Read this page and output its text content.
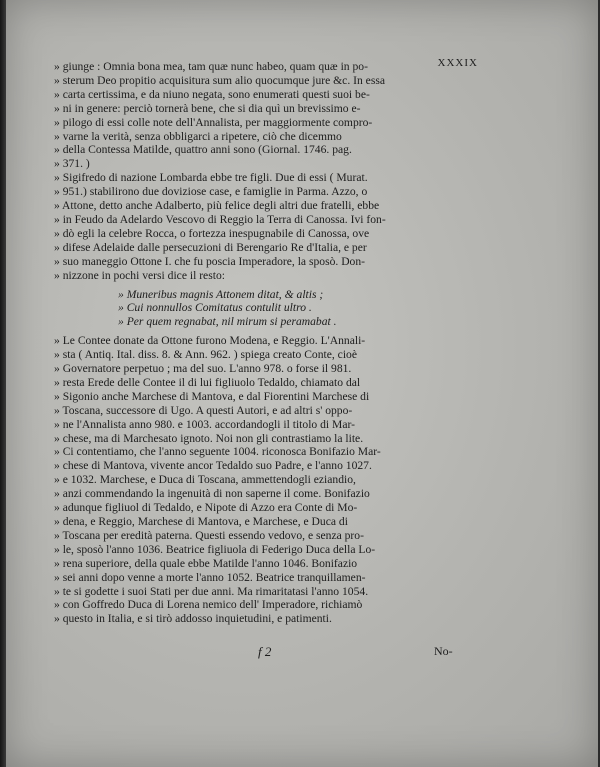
XXXIX
» giunge : Omnia bona mea, tam quæ nunc habeo, quam quæ in po-
» sterum Deo propitio acquisitura sum alio quocumque jure &c. In essa
» carta certissima, e da niuno negata, sono enumerati questi suoi be-
» ni in genere: perciò tornerà bene, che si dia quì un brevissimo e-
» pilogo di essi colle note dell'Annalista, per maggiormente compro-
» varne la verità, senza obbligarci a ripetere, ciò che dicemmo
» della Contessa Matilde, quattro anni sono (Giornal. 1746. pag.
» 371. )
» Sigifredo di nazione Lombarda ebbe tre figli. Due di essi ( Murat.
» 951.) stabilirono due doviziose case, e famiglie in Parma. Azzo, o
» Attone, detto anche Adalberto, più felice degli altri due fratelli, ebbe
» in Feudo da Adelardo Vescovo di Reggio la Terra di Canossa. Ivi fon-
» dò egli la celebre Rocca, o fortezza inespugnabile di Canossa, ove
» difese Adelaide dalle persecuzioni di Berengario Re d'Italia, e per
» suo maneggio Ottone I. che fu poscia Imperadore, la sposò. Don-
» nizzone in pochi versi dice il resto:
» Muneribus magnis Attonem ditat, & altis ;
» Cui nonnullos Comitatus contulit ultro .
» Per quem regnabat, nil mirum si peramabat .
» Le Contee donate da Ottone furono Modena, e Reggio. L'Annali-
» sta ( Antiq. Ital. diss. 8. & Ann. 962. ) spiega creato Conte, cioè
» Governatore perpetuo ; ma del suo. L'anno 978. o forse il 981.
» resta Erede delle Contee il di lui figliuolo Tedaldo, chiamato dal
» Sigonio anche Marchese di Mantova, e dal Fiorentini Marchese di
» Toscana, successore di Ugo. A questi Autori, e ad altri s' oppo-
» ne l'Annalista anno 980. e 1003. accordandogli il titolo di Mar-
» chese, ma di Marchesato ignoto. Noi non gli contrastiamo la lite.
» Ci contentiamo, che l'anno seguente 1004. riconosca Bonifazio Mar-
» chese di Mantova, vivente ancor Tedaldo suo Padre, e l'anno 1027.
» e 1032. Marchese, e Duca di Toscana, ammettendogli eziandio,
» anzi commendando la ingenuità di non saperne il come. Bonifazio
» adunque figliuol di Tedaldo, e Nipote di Azzo era Conte di Mo-
» dena, e Reggio, Marchese di Mantova, e Marchese, e Duca di
» Toscana per eredità paterna. Questi essendo vedovo, e senza pro-
» le, sposò l'anno 1036. Beatrice figliuola di Federigo Duca della Lo-
» rena superiore, della quale ebbe Matilde l'anno 1046. Bonifazio
» sei anni dopo venne a morte l'anno 1052. Beatrice tranquillamen-
» te si godette i suoi Stati per due anni. Ma rimaritatasi l'anno 1054.
» con Goffredo Duca di Lorena nemico dell' Imperadore, richiamò
» questo in Italia, e si tirò addosso inquietudini, e patimenti.
f 2	No-
